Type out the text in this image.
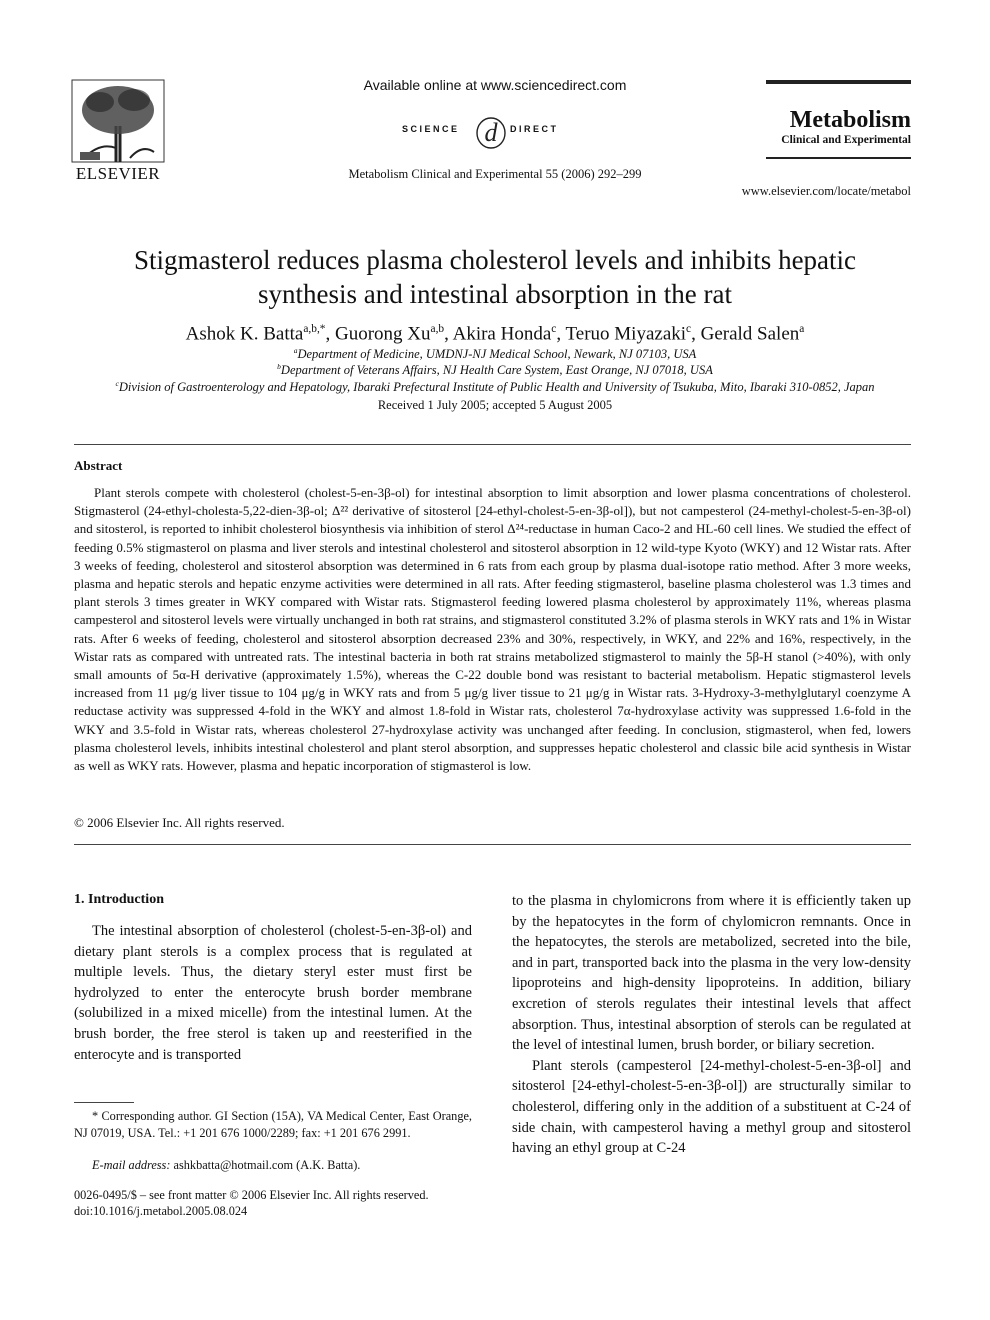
ELSEVIER
Available online at www.sciencedirect.com
SCIENCE d DIRECT
Metabolism Clinical and Experimental 55 (2006) 292–299
Metabolism
Clinical and Experimental
www.elsevier.com/locate/metabol
Stigmasterol reduces plasma cholesterol levels and inhibits hepatic
synthesis and intestinal absorption in the rat
Ashok K. Batta$^{a,b,*}$, Guorong Xu$^{a,b}$, Akira Honda$^c$, Teruo Miyazaki$^c$, Gerald Salen$^a$
$^a$Department of Medicine, UMDNJ-NJ Medical School, Newark, NJ 07103, USA
$^b$Department of Veterans Affairs, NJ Health Care System, East Orange, NJ 07018, USA
$^c$Division of Gastroenterology and Hepatology, Ibaraki Prefectural Institute of Public Health and University of Tsukuba, Mito, Ibaraki 310-0852, Japan
Received 1 July 2005; accepted 5 August 2005
Abstract
Plant sterols compete with cholesterol (cholest-5-en-3β-ol) for intestinal absorption to limit absorption and lower plasma concentrations of cholesterol. Stigmasterol (24-ethyl-cholesta-5,22-dien-3β-ol; Δ²² derivative of sitosterol [24-ethyl-cholest-5-en-3β-ol]), but not campesterol (24-methyl-cholest-5-en-3β-ol) and sitosterol, is reported to inhibit cholesterol biosynthesis via inhibition of sterol Δ²⁴-reductase in human Caco-2 and HL-60 cell lines. We studied the effect of feeding 0.5% stigmasterol on plasma and liver sterols and intestinal cholesterol and sitosterol absorption in 12 wild-type Kyoto (WKY) and 12 Wistar rats. After 3 weeks of feeding, cholesterol and sitosterol absorption was determined in 6 rats from each group by plasma dual-isotope ratio method. After 3 more weeks, plasma and hepatic sterols and hepatic enzyme activities were determined in all rats. After feeding stigmasterol, baseline plasma cholesterol was 1.3 times and plant sterols 3 times greater in WKY compared with Wistar rats. Stigmasterol feeding lowered plasma cholesterol by approximately 11%, whereas plasma campesterol and sitosterol levels were virtually unchanged in both rat strains, and stigmasterol constituted 3.2% of plasma sterols in WKY rats and 1% in Wistar rats. After 6 weeks of feeding, cholesterol and sitosterol absorption decreased 23% and 30%, respectively, in WKY, and 22% and 16%, respectively, in the Wistar rats as compared with untreated rats. The intestinal bacteria in both rat strains metabolized stigmasterol to mainly the 5β-H stanol (>40%), with only small amounts of 5α-H derivative (approximately 1.5%), whereas the C-22 double bond was resistant to bacterial metabolism. Hepatic stigmasterol levels increased from 11 μg/g liver tissue to 104 μg/g in WKY rats and from 5 μg/g liver tissue to 21 μg/g in Wistar rats. 3-Hydroxy-3-methylglutaryl coenzyme A reductase activity was suppressed 4-fold in the WKY and almost 1.8-fold in Wistar rats, cholesterol 7α-hydroxylase activity was suppressed 1.6-fold in the WKY and 3.5-fold in Wistar rats, whereas cholesterol 27-hydroxylase activity was unchanged after feeding. In conclusion, stigmasterol, when fed, lowers plasma cholesterol levels, inhibits intestinal cholesterol and plant sterol absorption, and suppresses hepatic cholesterol and classic bile acid synthesis in Wistar as well as WKY rats. However, plasma and hepatic incorporation of stigmasterol is low.
© 2006 Elsevier Inc. All rights reserved.
1. Introduction
The intestinal absorption of cholesterol (cholest-5-en-3β-ol) and dietary plant sterols is a complex process that is regulated at multiple levels. Thus, the dietary steryl ester must first be hydrolyzed to enter the enterocyte brush border membrane (solubilized in a mixed micelle) from the intestinal lumen. At the brush border, the free sterol is taken up and reesterified in the enterocyte and is transported

to the plasma in chylomicrons from where it is efficiently taken up by the hepatocytes in the form of chylomicron remnants. Once in the hepatocytes, the sterols are metabolized, secreted into the bile, and in part, transported back into the plasma in the very low-density lipoproteins and high-density lipoproteins. In addition, biliary excretion of sterols regulates their intestinal levels that affect absorption. Thus, intestinal absorption of sterols can be regulated at the level of intestinal lumen, brush border, or biliary secretion.

Plant sterols (campesterol [24-methyl-cholest-5-en-3β-ol] and sitosterol [24-ethyl-cholest-5-en-3β-ol]) are structurally similar to cholesterol, differing only in the addition of a substituent at C-24 of side chain, with campesterol having a methyl group and sitosterol having an ethyl group at C-24

* Corresponding author. GI Section (15A), VA Medical Center, East Orange, NJ 07019, USA. Tel.: +1 201 676 1000/2289; fax: +1 201 676 2991.
E-mail address: ashkbatta@hotmail.com (A.K. Batta).
0026-0495/$ – see front matter © 2006 Elsevier Inc. All rights reserved.
doi:10.1016/j.metabol.2005.08.024
